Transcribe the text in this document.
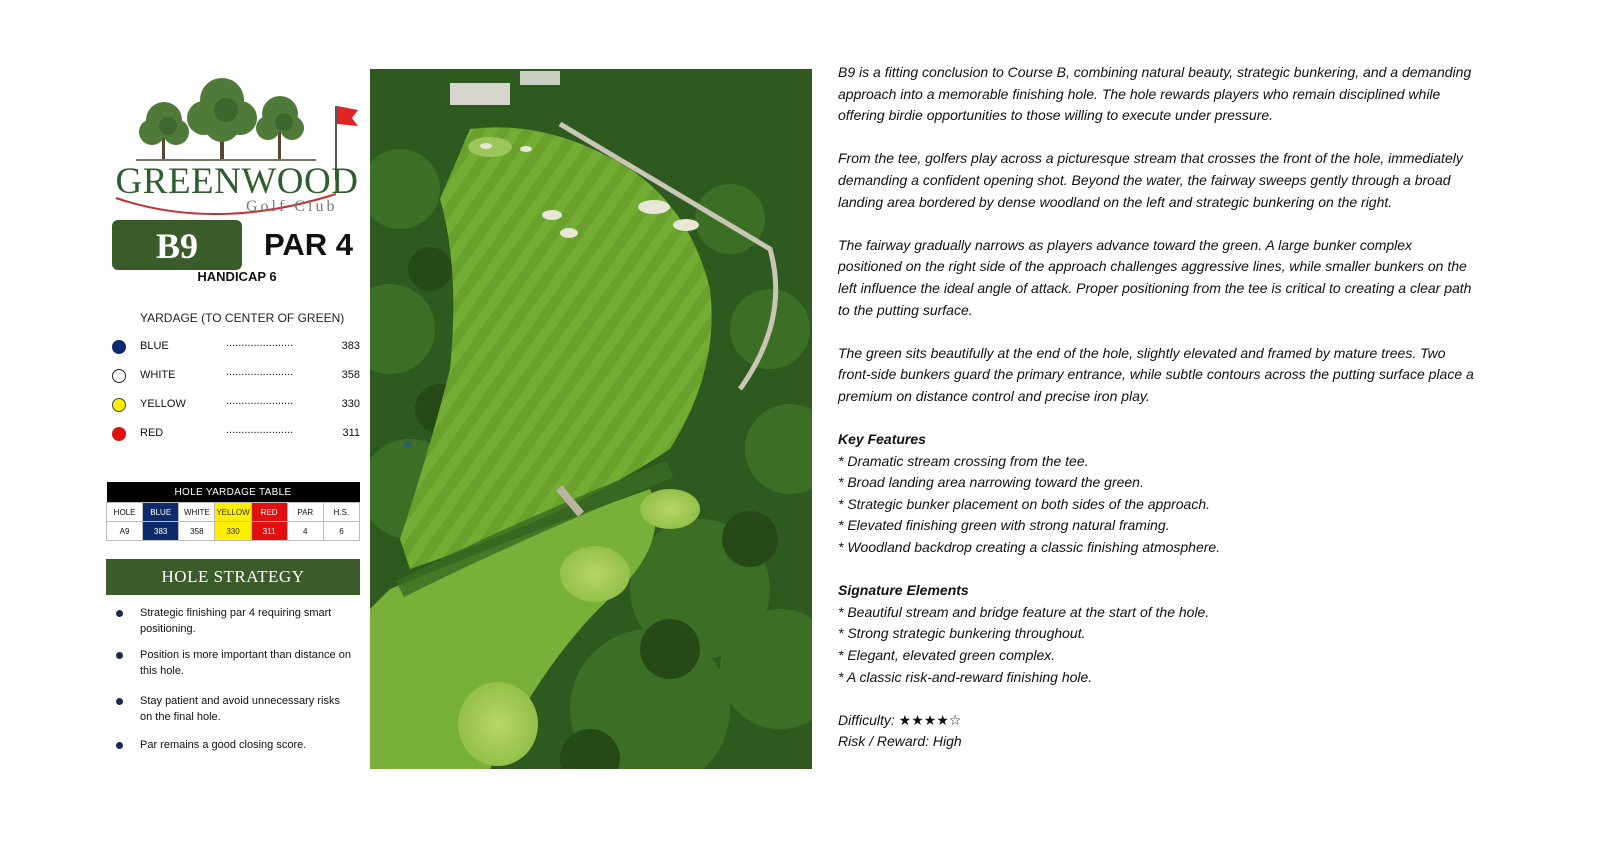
GREENWOOD
Golf Club
B9	PAR 4
HANDICAP 6
YARDAGE (TO CENTER OF GREEN)
BLUE	......................	383
WHITE	......................	358
YELLOW	......................	330
RED	......................	311
HOLE YARDAGE TABLE						
HOLE	BLUE	WHITE	YELLOW	RED	PAR	H.S.
A9	383	358	330	311	4	6
HOLE STRATEGY
Strategic finishing par 4 requiring smart positioning.
Position is more important than distance on this hole.
Stay patient and avoid unnecessary risks on the final hole.
Par remains a good closing score.

B9 is a fitting conclusion to Course B, combining natural beauty, strategic bunkering, and a demanding approach into a memorable finishing hole. The hole rewards players who remain disciplined while offering birdie opportunities to those willing to execute under pressure.

From the tee, golfers play across a picturesque stream that crosses the front of the hole, immediately demanding a confident opening shot. Beyond the water, the fairway sweeps gently through a broad landing area bordered by dense woodland on the left and strategic bunkering on the right.

The fairway gradually narrows as players advance toward the green. A large bunker complex positioned on the right side of the approach challenges aggressive lines, while smaller bunkers on the left influence the ideal angle of attack. Proper positioning from the tee is critical to creating a clear path to the putting surface.

The green sits beautifully at the end of the hole, slightly elevated and framed by mature trees. Two front-side bunkers guard the primary entrance, while subtle contours across the putting surface place a premium on distance control and precise iron play.

Key Features
* Dramatic stream crossing from the tee.
* Broad landing area narrowing toward the green.
* Strategic bunker placement on both sides of the approach.
* Elevated finishing green with strong natural framing.
* Woodland backdrop creating a classic finishing atmosphere.
Signature Elements
* Beautiful stream and bridge feature at the start of the hole.
* Strong strategic bunkering throughout.
* Elegant, elevated green complex.
* A classic risk-and-reward finishing hole.
Difficulty: ★★★★☆
Risk / Reward: High
